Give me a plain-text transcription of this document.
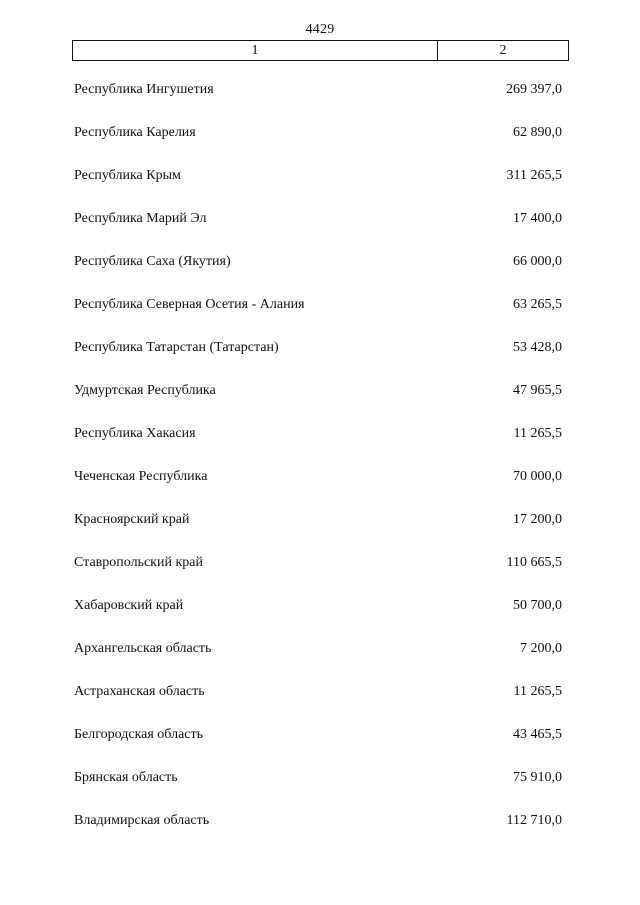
4429
1	2
Республика Ингушетия	269 397,0
Республика Карелия	62 890,0
Республика Крым	311 265,5
Республика Марий Эл	17 400,0
Республика Саха (Якутия)	66 000,0
Республика Северная Осетия - Алания	63 265,5
Республика Татарстан (Татарстан)	53 428,0
Удмуртская Республика	47 965,5
Республика Хакасия	11 265,5
Чеченская Республика	70 000,0
Красноярский край	17 200,0
Ставропольский край	110 665,5
Хабаровский край	50 700,0
Архангельская область	7 200,0
Астраханская область	11 265,5
Белгородская область	43 465,5
Брянская область	75 910,0
Владимирская область	112 710,0
